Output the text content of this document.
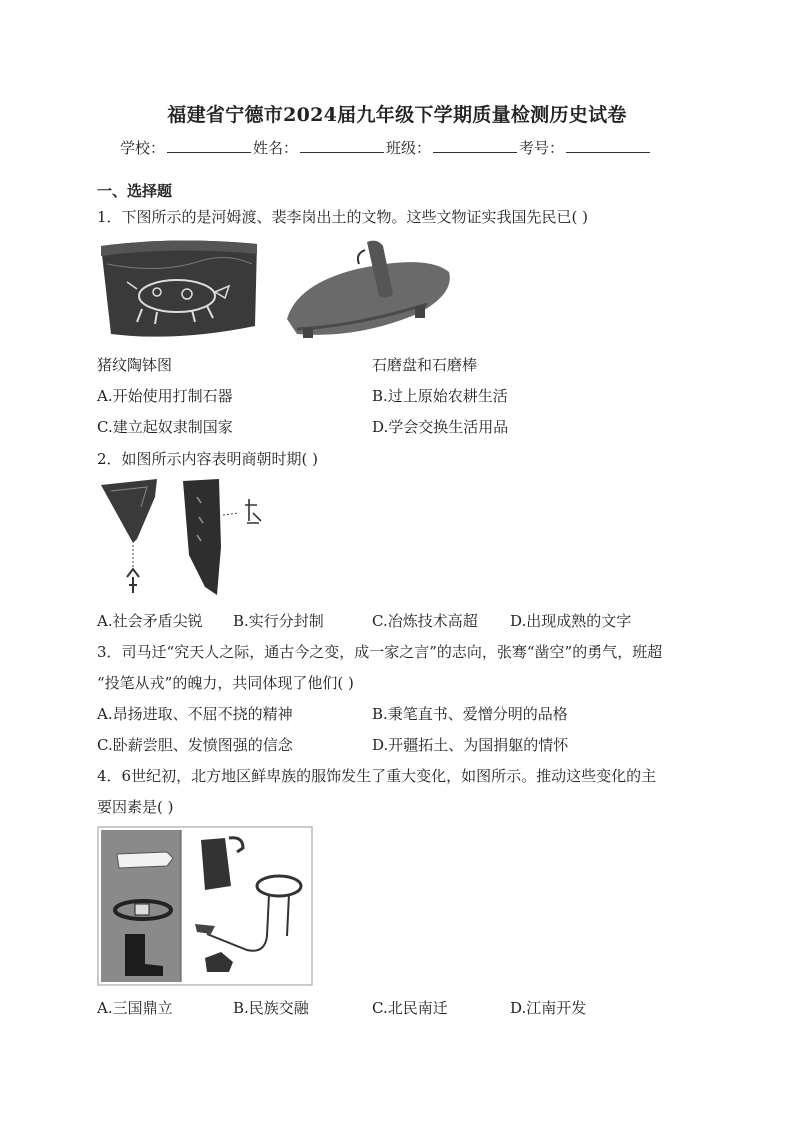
福建省宁德市2024届九年级下学期质量检测历史试卷
学校：	姓名：	班级：	考号：
一、选择题
1．下图所示的是河姆渡、裴李岗出土的文物。这些文物证实我国先民已( )
猪纹陶钵图	石磨盘和石磨棒
A.开始使用打制石器	B.过上原始农耕生活
C.建立起奴隶制国家	D.学会交换生活用品
2．如图所示内容表明商朝时期( )
A.社会矛盾尖锐 B.实行分封制	C.冶炼技术高超 D.出现成熟的文字
3．司马迁“究天人之际，通古今之变，成一家之言”的志向，张骞“凿空”的勇气，班超
“投笔从戎”的魄力，共同体现了他们( )
A.昂扬进取、不屈不挠的精神	B.秉笔直书、爱憎分明的品格
C.卧薪尝胆、发愤图强的信念	D.开疆拓土、为国捐躯的情怀
4．6世纪初，北方地区鲜卑族的服饰发生了重大变化，如图所示。推动这些变化的主
要因素是( )
A.三国鼎立	B.民族交融	C.北民南迁	D.江南开发
